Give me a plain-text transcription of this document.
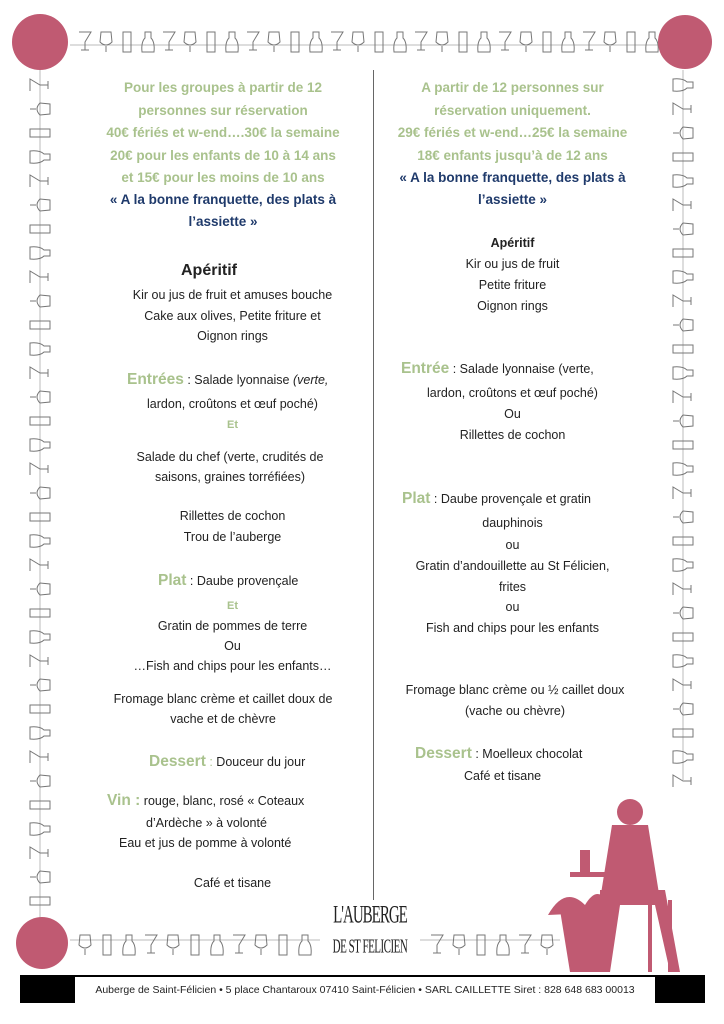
Pour les groupes à partir de 12
personnes sur réservation
40€ fériés et w-end….30€ la semaine
20€ pour les enfants de 10 à 14 ans
et 15€ pour les moins de 10 ans
« A la bonne franquette, des plats à
l’assiette »
Apéritif
Kir ou jus de fruit et amuses bouche
Cake aux olives, Petite friture et
Oignon rings
Entrées : Salade lyonnaise (verte,
lardon, croûtons et œuf poché)
Et
Salade du chef (verte, crudités de
saisons, graines torréfiées)
Rillettes de cochon
Trou de l’auberge
Plat : Daube provençale
Et
Gratin de pommes de terre
Ou
…Fish and chips pour les enfants…
Fromage blanc crème et caillet doux de
vache et de chèvre
Dessert : Douceur du jour
Vin : rouge, blanc, rosé « Coteaux
d’Ardèche » à volonté
Eau et jus de pomme à volonté
Café et tisane
A partir de 12 personnes sur
réservation uniquement.
29€ fériés et w-end…25€ la semaine
18€ enfants jusqu’à de 12 ans
« A la bonne franquette, des plats à
l’assiette »
Apéritif
Kir ou jus de fruit
Petite friture
Oignon rings
Entrée : Salade lyonnaise (verte,
lardon, croûtons et œuf poché)
Ou
Rillettes de cochon
Plat : Daube provençale et gratin
dauphinois
ou
Gratin d’andouillette au St Félicien,
frites
ou
Fish and chips pour les enfants
Fromage blanc crème ou ½ caillet doux
(vache ou chèvre)
Dessert : Moelleux chocolat
Café et tisane
L'AUBERGE
DE ST FELICIEN
Auberge de Saint-Félicien • 5 place Chantaroux 07410 Saint-Félicien • SARL CAILLETTE Siret : 828 648 683 00013
